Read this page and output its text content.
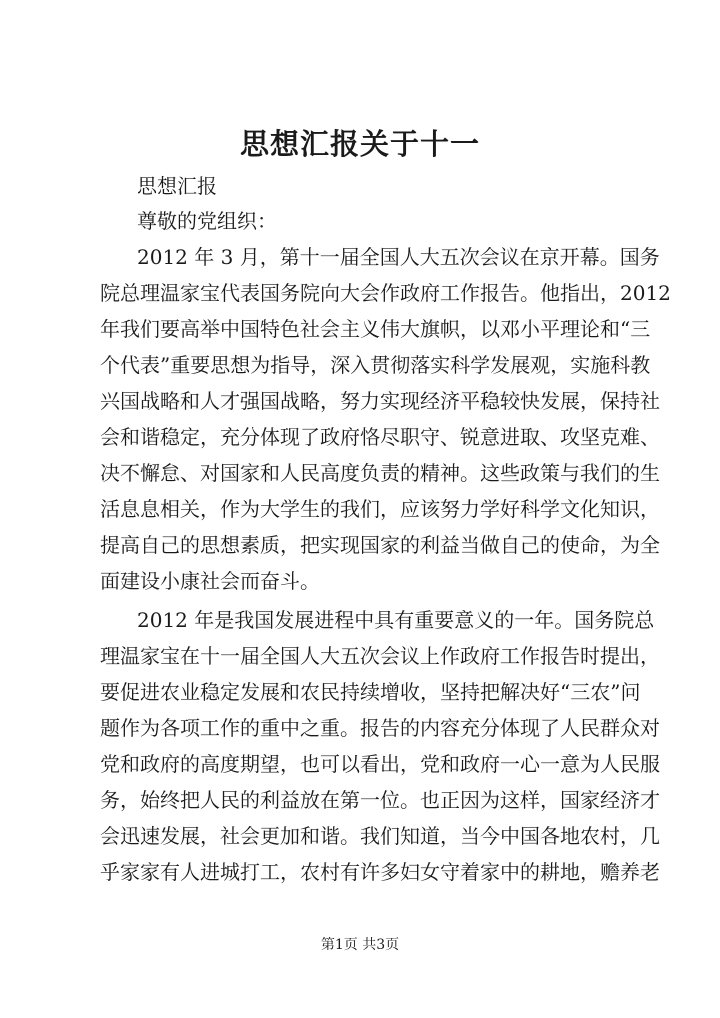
思想汇报关于十一
思想汇报
尊敬的党组织：
2012 年 3 月，第十一届全国人大五次会议在京开幕。国务
院总理温家宝代表国务院向大会作政府工作报告。他指出，2012
年我们要高举中国特色社会主义伟大旗帜，以邓小平理论和“三
个代表”重要思想为指导，深入贯彻落实科学发展观，实施科教
兴国战略和人才强国战略，努力实现经济平稳较快发展，保持社
会和谐稳定，充分体现了政府恪尽职守、锐意进取、攻坚克难、
决不懈怠、对国家和人民高度负责的精神。这些政策与我们的生
活息息相关，作为大学生的我们，应该努力学好科学文化知识，
提高自己的思想素质，把实现国家的利益当做自己的使命，为全
面建设小康社会而奋斗。
2012 年是我国发展进程中具有重要意义的一年。国务院总
理温家宝在十一届全国人大五次会议上作政府工作报告时提出，
要促进农业稳定发展和农民持续增收，坚持把解决好“三农”问
题作为各项工作的重中之重。报告的内容充分体现了人民群众对
党和政府的高度期望，也可以看出，党和政府一心一意为人民服
务，始终把人民的利益放在第一位。也正因为这样，国家经济才
会迅速发展，社会更加和谐。我们知道，当今中国各地农村，几
乎家家有人进城打工，农村有许多妇女守着家中的耕地，赡养老
第1页 共3页
